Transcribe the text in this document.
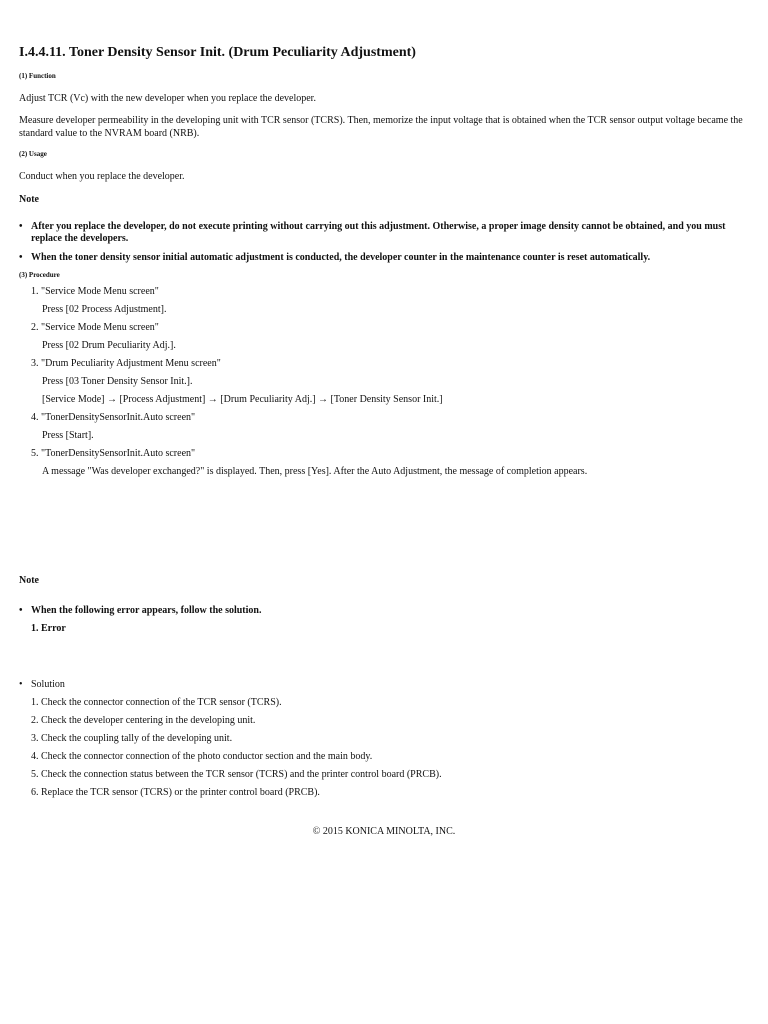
I.4.4.11. Toner Density Sensor Init. (Drum Peculiarity Adjustment)
(1) Function
Adjust TCR (Vc) with the new developer when you replace the developer.
Measure developer permeability in the developing unit with TCR sensor (TCRS). Then, memorize the input voltage that is obtained when the TCR sensor output voltage became the standard value to the NVRAM board (NRB).
(2) Usage
Conduct when you replace the developer.
Note
• After you replace the developer, do not execute printing without carrying out this adjustment. Otherwise, a proper image density cannot be obtained, and you must replace the developers.
• When the toner density sensor initial automatic adjustment is conducted, the developer counter in the maintenance counter is reset automatically.
(3) Procedure
1. "Service Mode Menu screen"
Press [02 Process Adjustment].
2. "Service Mode Menu screen"
Press [02 Drum Peculiarity Adj.].
3. "Drum Peculiarity Adjustment Menu screen"
Press [03 Toner Density Sensor Init.].
[Service Mode] → [Process Adjustment] → [Drum Peculiarity Adj.] → [Toner Density Sensor Init.]
4. "TonerDensitySensorInit.Auto screen"
Press [Start].
5. "TonerDensitySensorInit.Auto screen"
A message "Was developer exchanged?" is displayed. Then, press [Yes]. After the Auto Adjustment, the message of completion appears.
Note
• When the following error appears, follow the solution.
1. Error
• Solution
1. Check the connector connection of the TCR sensor (TCRS).
2. Check the developer centering in the developing unit.
3. Check the coupling tally of the developing unit.
4. Check the connector connection of the photo conductor section and the main body.
5. Check the connection status between the TCR sensor (TCRS) and the printer control board (PRCB).
6. Replace the TCR sensor (TCRS) or the printer control board (PRCB).
© 2015 KONICA MINOLTA, INC.
